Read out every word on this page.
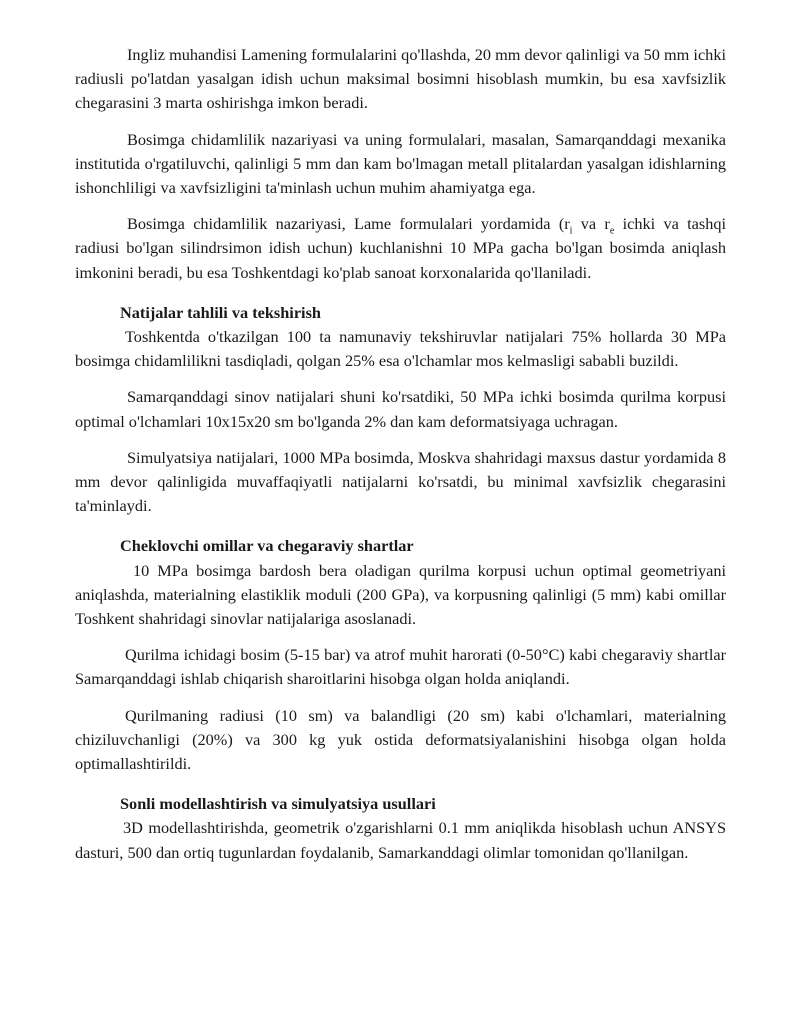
Ingliz muhandisi Lamening formulalarini qo'llashda, 20 mm devor qalinligi va 50 mm ichki radiusli po'latdan yasalgan idish uchun maksimal bosimni hisoblash mumkin, bu esa xavfsizlik chegarasini 3 marta oshirishga imkon beradi.

Bosimga chidamlilik nazariyasi va uning formulalari, masalan, Samarqanddagi mexanika institutida o'rgatiluvchi, qalinligi 5 mm dan kam bo'lmagan metall plitalardan yasalgan idishlarning ishonchliligi va xavfsizligini ta'minlash uchun muhim ahamiyatga ega.

Bosimga chidamlilik nazariyasi, Lame formulalari yordamida ($r_i$ va $r_e$ ichki va tashqi radiusi bo'lgan silindrsimon idish uchun) kuchlanishni 10 MPa gacha bo'lgan bosimda aniqlash imkonini beradi, bu esa Toshkentdagi ko'plab sanoat korxonalarida qo'llaniladi.

Natijalar tahlili va tekshirish

Toshkentda o'tkazilgan 100 ta namunaviy tekshiruvlar natijalari 75% hollarda 30 MPa bosimga chidamlilikni tasdiqladi, qolgan 25% esa o'lchamlar mos kelmasligi sababli buzildi.

Samarqanddagi sinov natijalari shuni ko'rsatdiki, 50 MPa ichki bosimda qurilma korpusi optimal o'lchamlari 10x15x20 sm bo'lganda 2% dan kam deformatsiyaga uchragan.

Simulyatsiya natijalari, 1000 MPa bosimda, Moskva shahridagi maxsus dastur yordamida 8 mm devor qalinligida muvaffaqiyatli natijalarni ko'rsatdi, bu minimal xavfsizlik chegarasini ta'minlaydi.

Cheklovchi omillar va chegaraviy shartlar

10 MPa bosimga bardosh bera oladigan qurilma korpusi uchun optimal geometriyani aniqlashda, materialning elastiklik moduli (200 GPa), va korpusning qalinligi (5 mm) kabi omillar Toshkent shahridagi sinovlar natijalariga asoslanadi.

Qurilma ichidagi bosim (5-15 bar) va atrof muhit harorati (0-50°C) kabi chegaraviy shartlar Samarqanddagi ishlab chiqarish sharoitlarini hisobga olgan holda aniqlandi.

Qurilmaning radiusi (10 sm) va balandligi (20 sm) kabi o'lchamlari, materialning chiziluvchanligi (20%) va 300 kg yuk ostida deformatsiyalanishini hisobga olgan holda optimallashtirildi.

Sonli modellashtirish va simulyatsiya usullari

3D modellashtirishda, geometrik o'zgarishlarni 0.1 mm aniqlikda hisoblash uchun ANSYS dasturi, 500 dan ortiq tugunlardan foydalanib, Samarkanddagi olimlar tomonidan qo'llanilgan.
